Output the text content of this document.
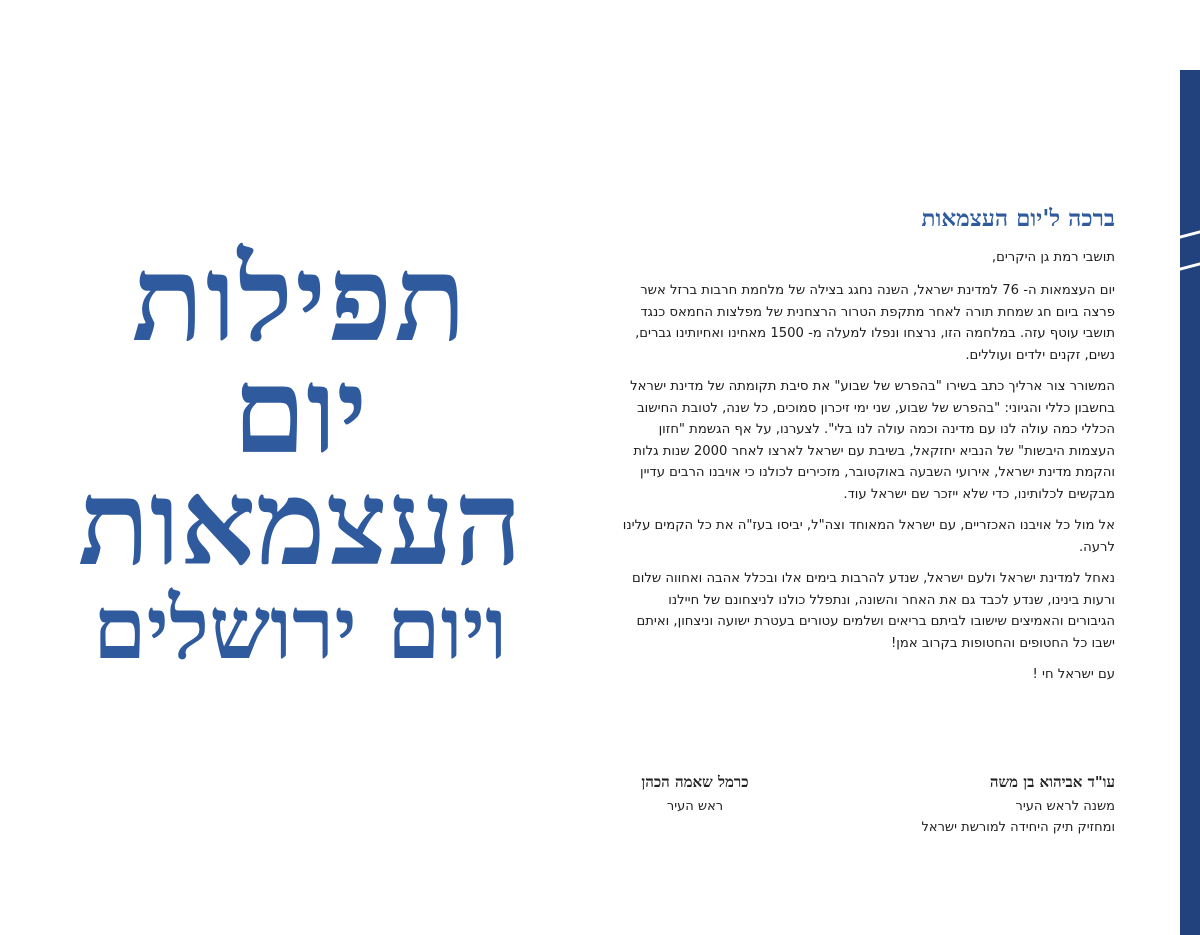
תפילות
יום
העצמאות
ויום ירושלים
ברכה ל'יום העצמאות

תושבי רמת גן היקרים,

יום העצמאות ה- 76 למדינת ישראל, השנה נחגג בצילה של מלחמת חרבות ברזל אשר פרצה ביום חג שמחת תורה לאחר מתקפת הטרור הרצחנית של מפלצות החמאס כנגד תושבי עוטף עזה. במלחמה הזו, נרצחו ונפלו למעלה מ- 1500 מאחינו ואחיותינו גברים, נשים, זקנים ילדים ועוללים.

המשורר צור ארליך כתב בשירו "בהפרש של שבוע" את סיבת תקומתה של מדינת ישראל בחשבון כללי והגיוני: "בהפרש של שבוע, שני ימי זיכרון סמוכים, כל שנה, לטובת החישוב הכללי כמה עולה לנו עם מדינה וכמה עולה לנו בלי". לצערנו, על אף הגשמת "חזון העצמות היבשות" של הנביא יחזקאל, בשיבת עם ישראל לארצו לאחר 2000 שנות גלות והקמת מדינת ישראל, אירועי השבעה באוקטובר, מזכירים לכולנו כי אויבנו הרבים עדיין מבקשים לכלותינו, כדי שלא ייזכר שם ישראל עוד.

אל מול כל אויבנו האכזריים, עם ישראל המאוחד וצה"ל, יביסו בעז"ה את כל הקמים עלינו לרעה.

נאחל למדינת ישראל ולעם ישראל, שנדע להרבות בימים אלו ובכלל אהבה ואחווה שלום ורעות בינינו, שנדע לכבד גם את האחר והשונה, ונתפלל כולנו לניצחונם של חיילנו הגיבורים והאמיצים שישובו לביתם בריאים ושלמים עטורים בעטרת ישועה וניצחון, ואיתם ישבו כל החטופים והחטופות בקרוב אמן!

עם ישראל חי !

עו"ד אביהוא בן משה
משנה לראש העיר
ומחזיק תיק היחידה למורשת ישראל
כרמל שאמה הכהן
ראש העיר
